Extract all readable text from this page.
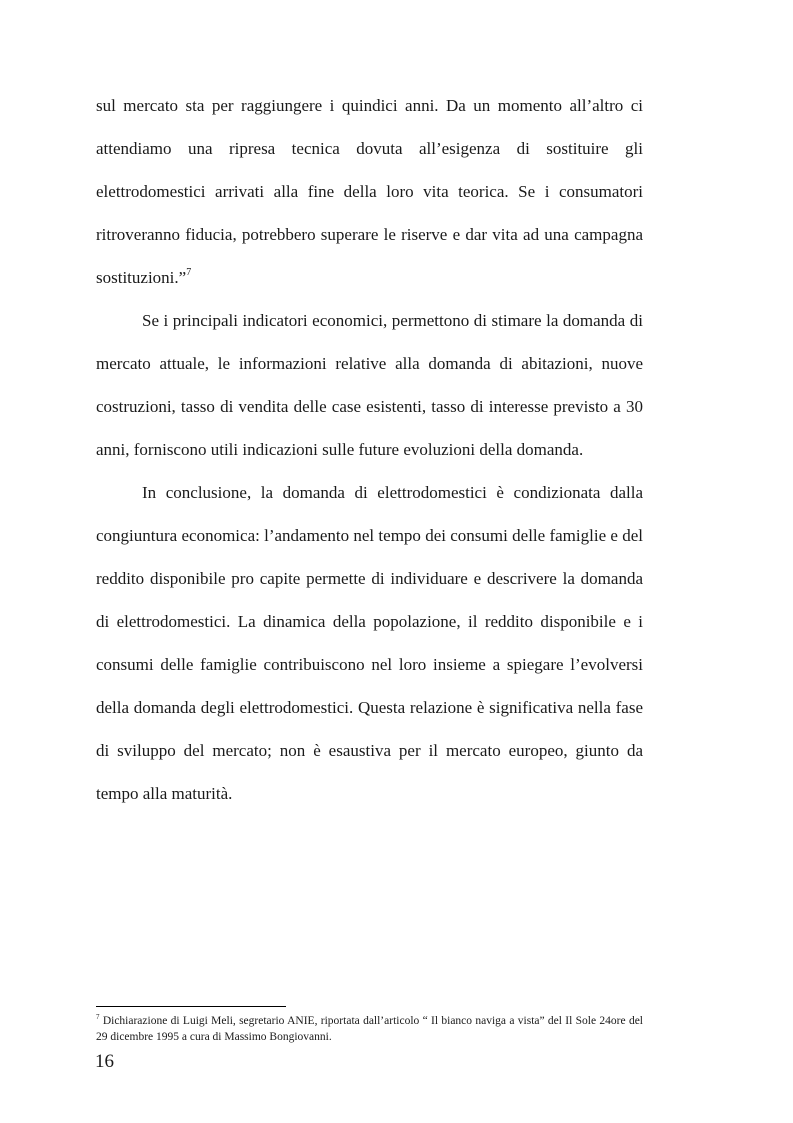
sul mercato sta per raggiungere i quindici anni. Da un momento all’altro ci attendiamo una ripresa tecnica dovuta all’esigenza di sostituire gli elettrodomestici arrivati alla fine della loro vita teorica. Se i consumatori ritroveranno fiducia, potrebbero superare le riserve e dar vita ad una campagna sostituzioni.”$^7$

Se i principali indicatori economici, permettono di stimare la domanda di mercato attuale, le informazioni relative alla domanda di abitazioni, nuove costruzioni, tasso di vendita delle case esistenti, tasso di interesse previsto a 30 anni, forniscono utili indicazioni sulle future evoluzioni della domanda.

In conclusione, la domanda di elettrodomestici è condizionata dalla congiuntura economica: l’andamento nel tempo dei consumi delle famiglie e del reddito disponibile pro capite permette di individuare e descrivere la domanda di elettrodomestici. La dinamica della popolazione, il reddito disponibile e i consumi delle famiglie contribuiscono nel loro insieme a spiegare l’evolversi della domanda degli elettrodomestici. Questa relazione è significativa nella fase di sviluppo del mercato; non è esaustiva per il mercato europeo, giunto da tempo alla maturità.

$^7$ Dichiarazione di Luigi Meli, segretario ANIE, riportata dall’articolo “ Il bianco naviga a vista” del Il Sole 24ore del 29 dicembre 1995 a cura di Massimo Bongiovanni.

16
